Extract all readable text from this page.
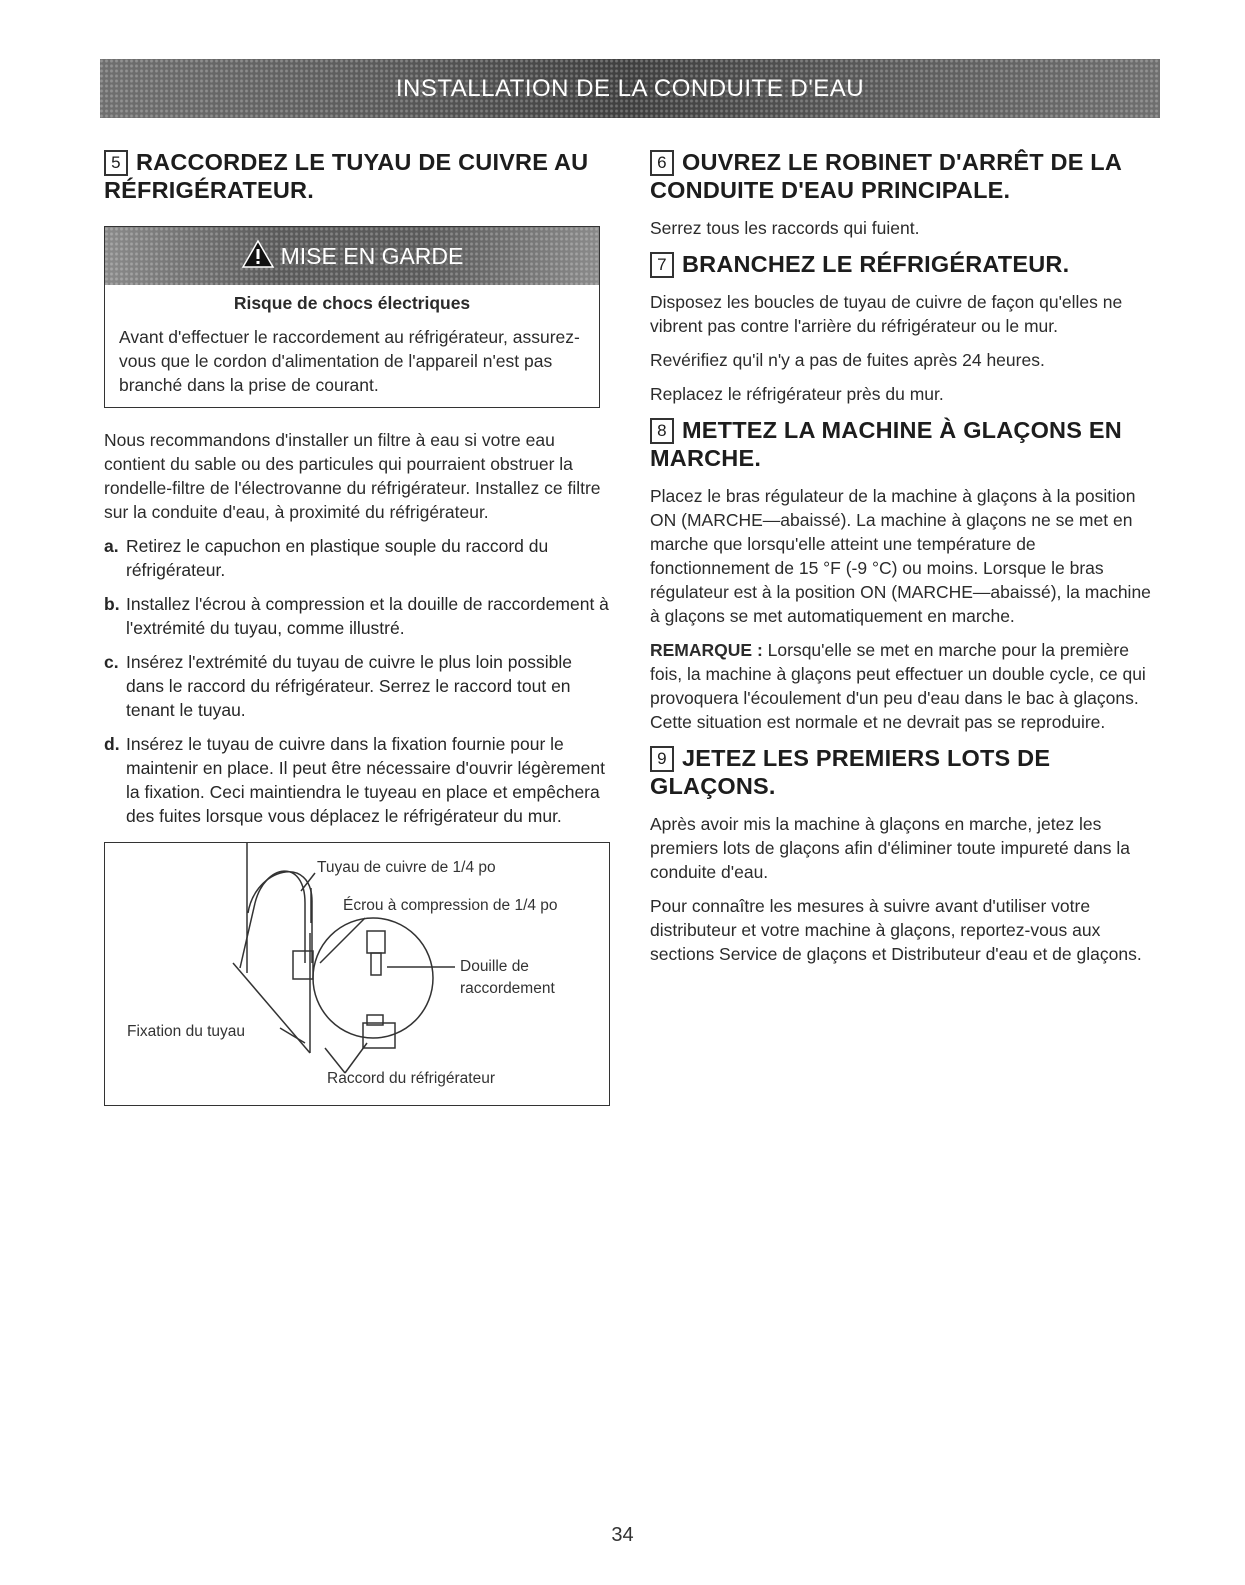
INSTALLATION DE LA CONDUITE D'EAU
5 RACCORDEZ LE TUYAU DE CUIVRE AU RÉFRIGÉRATEUR.
MISE EN GARDE

Risque de chocs électriques

Avant d'effectuer le raccordement au réfrigérateur, assurez-vous que le cordon d'alimentation de l'appareil n'est pas branché dans la prise de courant.

Nous recommandons d'installer un filtre à eau si votre eau contient du sable ou des particules qui pourraient obstruer la rondelle-filtre de l'électrovanne du réfrigérateur. Installez ce filtre sur la conduite d'eau, à proximité du réfrigérateur.

a. Retirez le capuchon en plastique souple du raccord du réfrigérateur.
b. Installez l'écrou à compression et la douille de raccordement à l'extrémité du tuyau, comme illustré.
c. Insérez l'extrémité du tuyau de cuivre le plus loin possible dans le raccord du réfrigérateur. Serrez le raccord tout en tenant le tuyau.
d. Insérez le tuyau de cuivre dans la fixation fournie pour le maintenir en place. Il peut être nécessaire d'ouvrir légèrement la fixation. Ceci maintiendra le tuyeau en place et empêchera des fuites lorsque vous déplacez le réfrigérateur du mur.
Tuyau de cuivre de 1/4 po
Écrou à compression de 1/4 po
Douille de
raccordement
Fixation du tuyau
Raccord du réfrigérateur
6 OUVREZ LE ROBINET D'ARRÊT DE LA CONDUITE D'EAU PRINCIPALE.

Serrez tous les raccords qui fuient.

7 BRANCHEZ LE RÉFRIGÉRATEUR.

Disposez les boucles de tuyau de cuivre de façon qu'elles ne vibrent pas contre l'arrière du réfrigérateur ou le mur.

Revérifiez qu'il n'y a pas de fuites après 24 heures.

Replacez le réfrigérateur près du mur.

8 METTEZ LA MACHINE À GLAÇONS EN MARCHE.

Placez le bras régulateur de la machine à glaçons à la position ON (MARCHE—abaissé). La machine à glaçons ne se met en marche que lorsqu'elle atteint une température de fonctionnement de 15 °F (-9 °C) ou moins. Lorsque le bras régulateur est à la position ON (MARCHE—abaissé), la machine à glaçons se met automatiquement en marche.

REMARQUE : Lorsqu'elle se met en marche pour la première fois, la machine à glaçons peut effectuer un double cycle, ce qui provoquera l'écoulement d'un peu d'eau dans le bac à glaçons. Cette situation est normale et ne devrait pas se reproduire.

9 JETEZ LES PREMIERS LOTS DE GLAÇONS.

Après avoir mis la machine à glaçons en marche, jetez les premiers lots de glaçons afin d'éliminer toute impureté dans la conduite d'eau.

Pour connaître les mesures à suivre avant d'utiliser votre distributeur et votre machine à glaçons, reportez-vous aux sections Service de glaçons et Distributeur d'eau et de glaçons.

34
